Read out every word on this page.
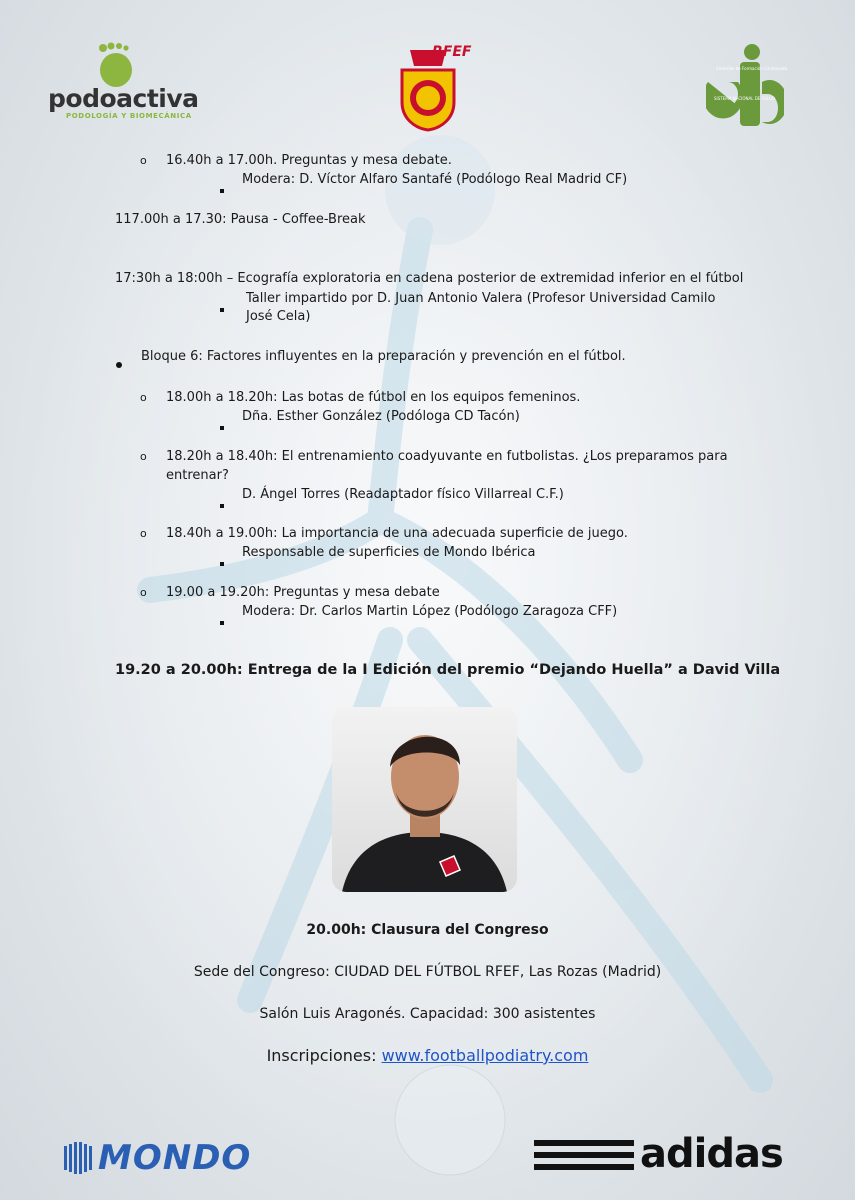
podoactiva
PODOLOGÍA Y BIOMECÁNICA
RFEF
Comisión de Formación Continuada
SISTEMA NACIONAL DE SALUD
o 16.40h a 17.00h. Preguntas y mesa debate.
Modera: D. Víctor Alfaro Santafé (Podólogo Real Madrid CF)
117.00h a 17.30: Pausa - Coffee-Break
17:30h a 18:00h – Ecografía exploratoria en cadena posterior de extremidad inferior en el fútbol
Taller impartido por D. Juan Antonio Valera (Profesor Universidad Camilo
José Cela)
Bloque 6: Factores influyentes en la preparación y prevención en el fútbol.
o 18.00h a 18.20h: Las botas de fútbol en los equipos femeninos.
Dña. Esther González (Podóloga CD Tacón)
o 18.20h a 18.40h: El entrenamiento coadyuvante en futbolistas. ¿Los preparamos para
entrenar?
D. Ángel Torres (Readaptador físico Villarreal C.F.)
o 18.40h a 19.00h: La importancia de una adecuada superficie de juego.
Responsable de superficies de Mondo Ibérica
o 19.00 a 19.20h: Preguntas y mesa debate
Modera: Dr. Carlos Martin López (Podólogo Zaragoza CFF)
19.20 a 20.00h: Entrega de la I Edición del premio “Dejando Huella” a David Villa
20.00h: Clausura del Congreso
Sede del Congreso: CIUDAD DEL FÚTBOL RFEF, Las Rozas (Madrid)
Salón Luis Aragonés. Capacidad: 300 asistentes
Inscripciones: www.footballpodiatry.com
MONDO	adidas
